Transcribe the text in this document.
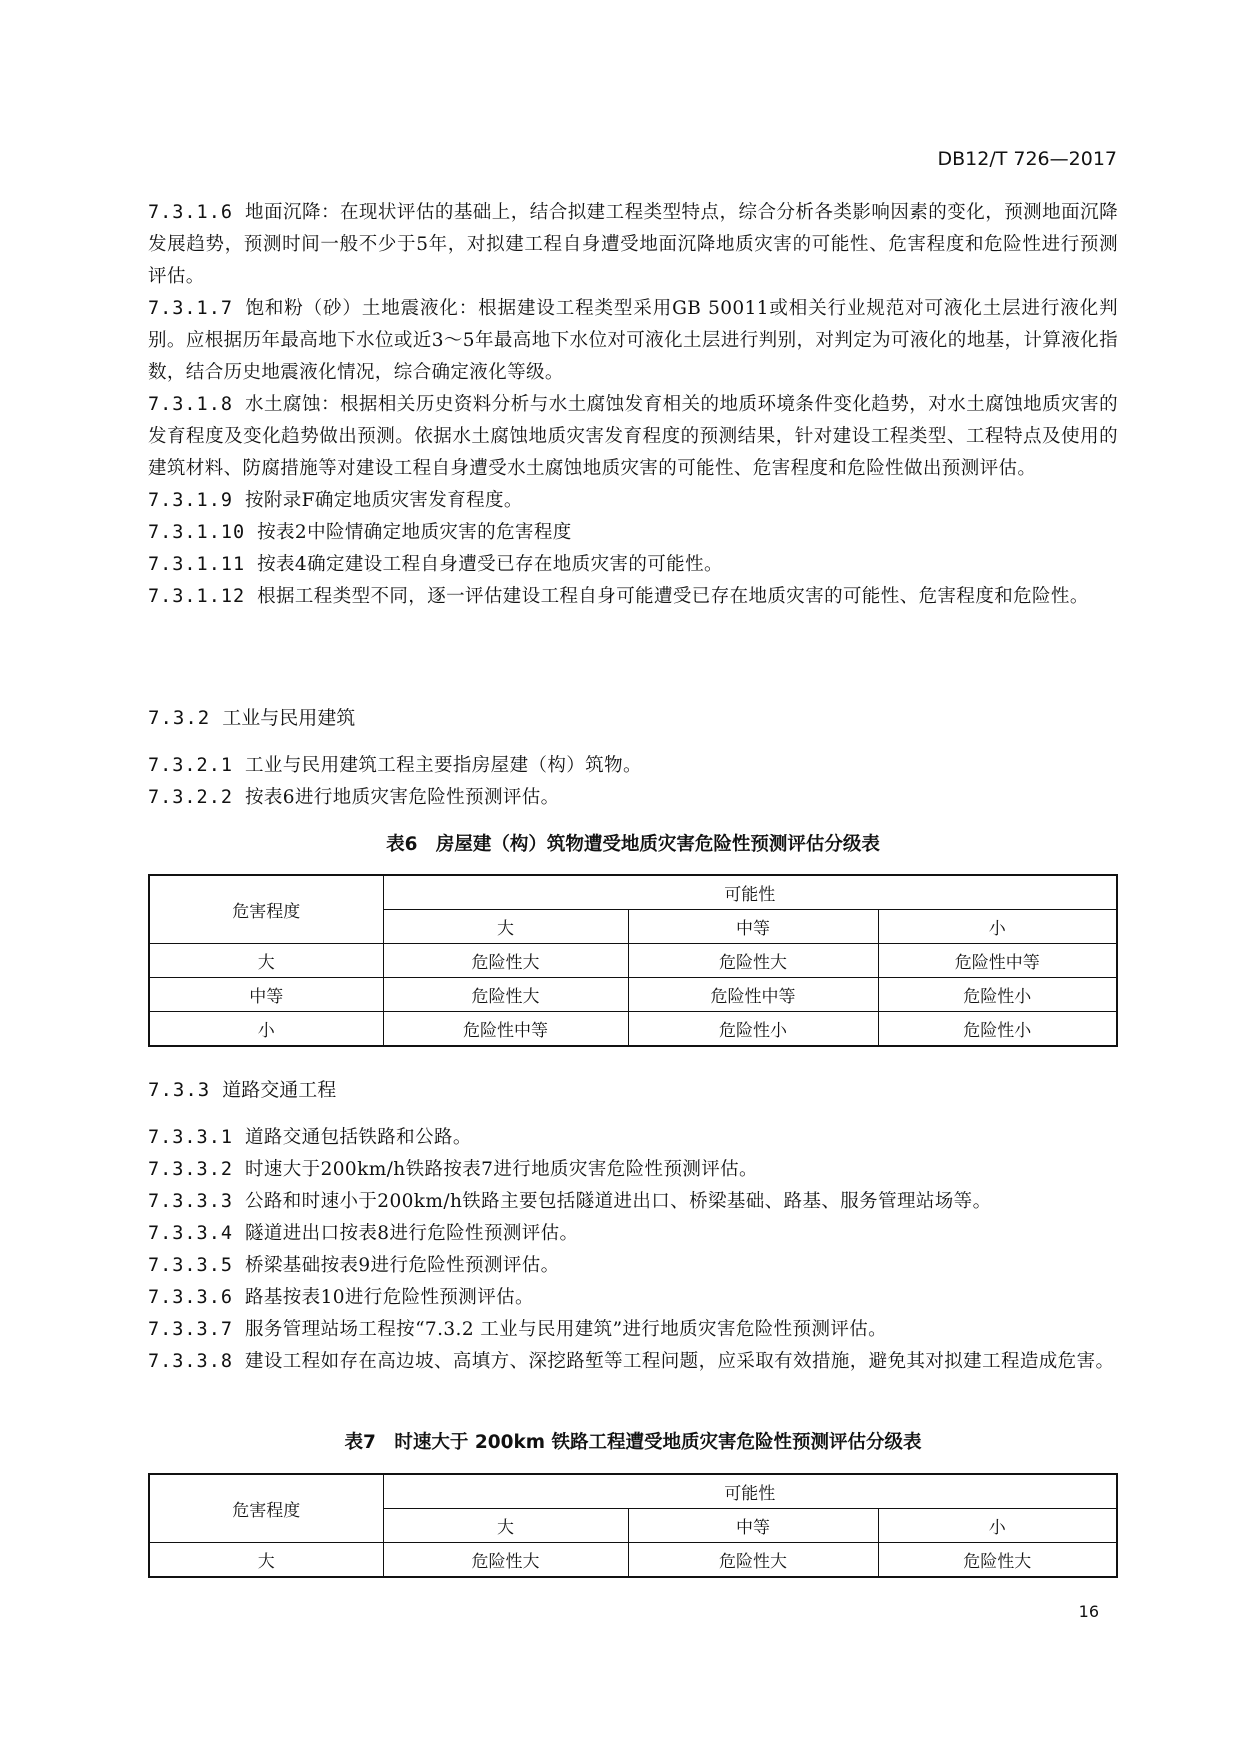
DB12/T 726—2017

7.3.1.6 地面沉降：在现状评估的基础上，结合拟建工程类型特点，综合分析各类影响因素的变化，预测地面沉降发展趋势，预测时间一般不少于5年，对拟建工程自身遭受地面沉降地质灾害的可能性、危害程度和危险性进行预测评估。

7.3.1.7 饱和粉（砂）土地震液化：根据建设工程类型采用GB 50011或相关行业规范对可液化土层进行液化判别。应根据历年最高地下水位或近3～5年最高地下水位对可液化土层进行判别，对判定为可液化的地基，计算液化指数，结合历史地震液化情况，综合确定液化等级。

7.3.1.8 水土腐蚀：根据相关历史资料分析与水土腐蚀发育相关的地质环境条件变化趋势，对水土腐蚀地质灾害的发育程度及变化趋势做出预测。依据水土腐蚀地质灾害发育程度的预测结果，针对建设工程类型、工程特点及使用的建筑材料、防腐措施等对建设工程自身遭受水土腐蚀地质灾害的可能性、危害程度和危险性做出预测评估。

7.3.1.9 按附录F确定地质灾害发育程度。

7.3.1.10 按表2中险情确定地质灾害的危害程度

7.3.1.11 按表4确定建设工程自身遭受已存在地质灾害的可能性。

7.3.1.12 根据工程类型不同，逐一评估建设工程自身可能遭受已存在地质灾害的可能性、危害程度和危险性。

7.3.2 工业与民用建筑

7.3.2.1 工业与民用建筑工程主要指房屋建（构）筑物。

7.3.2.2 按表6进行地质灾害危险性预测评估。

表6　房屋建（构）筑物遭受地质灾害危险性预测评估分级表
危害程度	可能性		
	大	中等	小
大	危险性大	危险性大	危险性中等
中等	危险性大	危险性中等	危险性小
小	危险性中等	危险性小	危险性小

7.3.3 道路交通工程

7.3.3.1 道路交通包括铁路和公路。

7.3.3.2 时速大于200km/h铁路按表7进行地质灾害危险性预测评估。

7.3.3.3 公路和时速小于200km/h铁路主要包括隧道进出口、桥梁基础、路基、服务管理站场等。

7.3.3.4 隧道进出口按表8进行危险性预测评估。

7.3.3.5 桥梁基础按表9进行危险性预测评估。

7.3.3.6 路基按表10进行危险性预测评估。

7.3.3.7 服务管理站场工程按“7.3.2 工业与民用建筑”进行地质灾害危险性预测评估。

7.3.3.8 建设工程如存在高边坡、高填方、深挖路堑等工程问题，应采取有效措施，避免其对拟建工程造成危害。

表7　时速大于 200km 铁路工程遭受地质灾害危险性预测评估分级表
危害程度	可能性		
	大	中等	小
大	危险性大	危险性大	危险性大
16
